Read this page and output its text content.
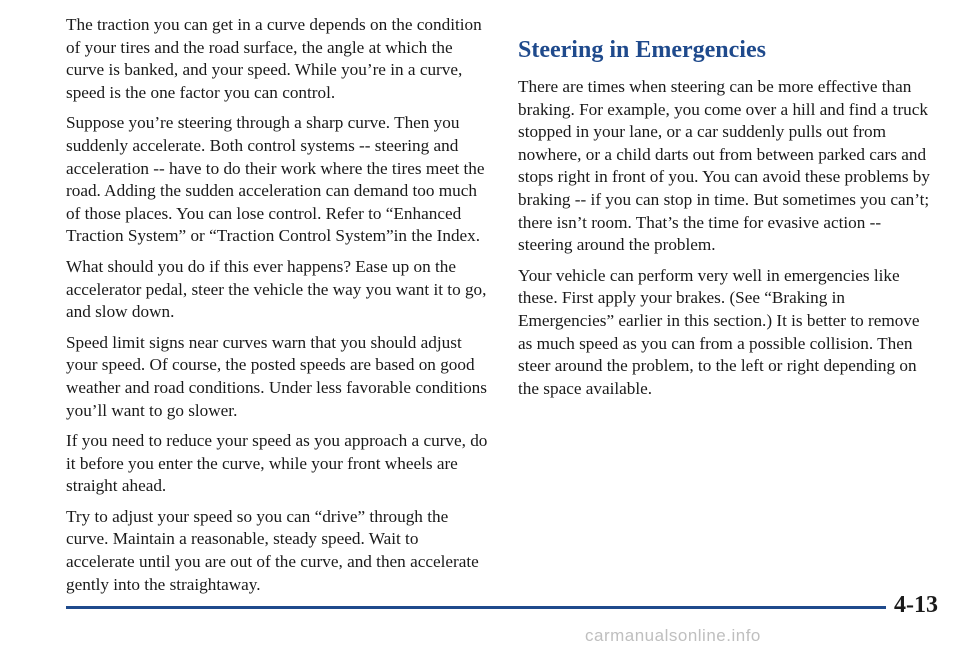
The traction you can get in a curve depends on the condition of your tires and the road surface, the angle at which the curve is banked, and your speed. While you’re in a curve, speed is the one factor you can control.

Suppose you’re steering through a sharp curve. Then you suddenly accelerate. Both control systems -- steering and acceleration -- have to do their work where the tires meet the road. Adding the sudden acceleration can demand too much of those places. You can lose control. Refer to “Enhanced Traction System” or “Traction Control System”in the Index.

What should you do if this ever happens? Ease up on the accelerator pedal, steer the vehicle the way you want it to go, and slow down.

Speed limit signs near curves warn that you should adjust your speed. Of course, the posted speeds are based on good weather and road conditions. Under less favorable conditions you’ll want to go slower.

If you need to reduce your speed as you approach a curve, do it before you enter the curve, while your front wheels are straight ahead.

Try to adjust your speed so you can “drive” through the curve. Maintain a reasonable, steady speed. Wait to accelerate until you are out of the curve, and then accelerate gently into the straightaway.

Steering in Emergencies

There are times when steering can be more effective than braking. For example, you come over a hill and find a truck stopped in your lane, or a car suddenly pulls out from nowhere, or a child darts out from between parked cars and stops right in front of you. You can avoid these problems by braking -- if you can stop in time. But sometimes you can’t; there isn’t room. That’s the time for evasive action -- steering around the problem.

Your vehicle can perform very well in emergencies like these. First apply your brakes. (See “Braking in Emergencies” earlier in this section.) It is better to remove as much speed as you can from a possible collision. Then steer around the problem, to the left or right depending on the space available.

4-13
carmanualsonline.info
